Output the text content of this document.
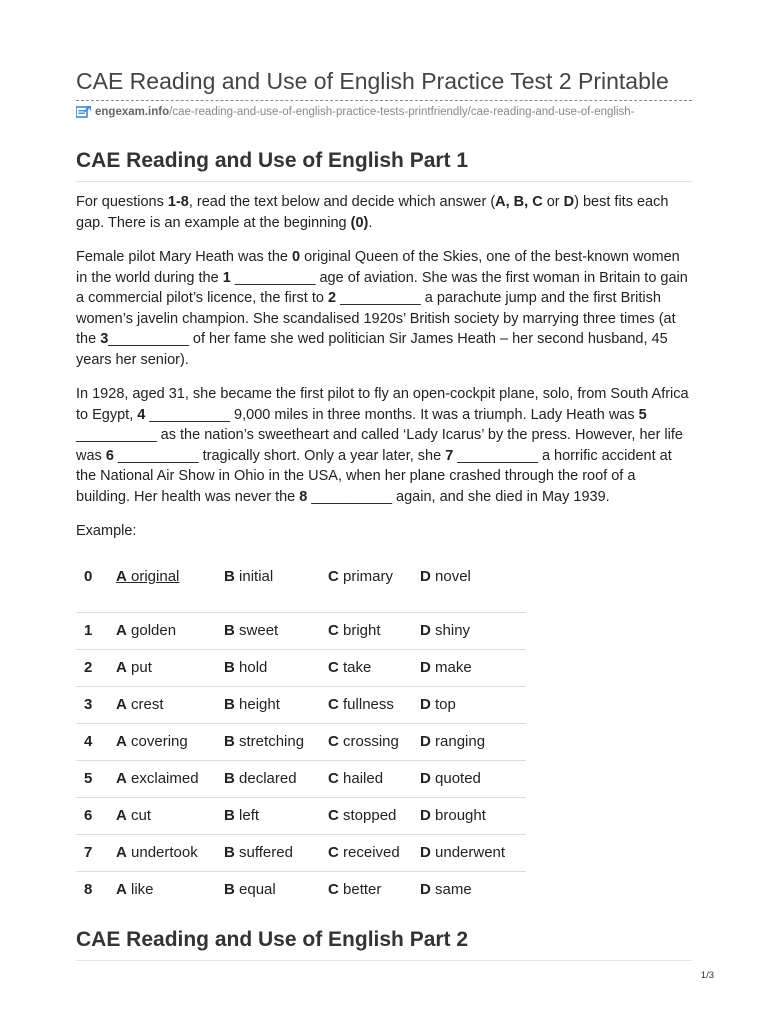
CAE Reading and Use of English Practice Test 2 Printable
engexam.info /cae-reading-and-use-of-english-practice-tests-printfriendly/cae-reading-and-use-of-english-
CAE Reading and Use of English Part 1

For questions 1-8, read the text below and decide which answer (A, B, C or D) best fits each gap. There is an example at the beginning (0).

Female pilot Mary Heath was the 0 original Queen of the Skies, one of the best-known women in the world during the 1 __________ age of aviation. She was the first woman in Britain to gain a commercial pilot’s licence, the first to 2 __________ a parachute jump and the first British women’s javelin champion. She scandalised 1920s’ British society by marrying three times (at the 3__________ of her fame she wed politician Sir James Heath – her second husband, 45 years her senior).

In 1928, aged 31, she became the first pilot to fly an open-cockpit plane, solo, from South Africa to Egypt, 4 __________ 9,000 miles in three months. It was a triumph. Lady Heath was 5 __________ as the nation’s sweetheart and called ‘Lady Icarus’ by the press. However, her life was 6 __________ tragically short. Only a year later, she 7 __________ a horrific accident at the National Air Show in Ohio in the USA, when her plane crashed through the roof of a building. Her health was never the 8 __________ again, and she died in May 1939.

Example:

0	A original	B initial	C primary	D novel
1	A golden	B sweet	C bright	D shiny
2	A put	B hold	C take	D make
3	A crest	B height	C fullness	D top
4	A covering	B stretching	C crossing	D ranging
5	A exclaimed	B declared	C hailed	D quoted
6	A cut	B left	C stopped	D brought
7	A undertook	B suffered	C received	D underwent
8	A like	B equal	C better	D same
CAE Reading and Use of English Part 2
1/3
